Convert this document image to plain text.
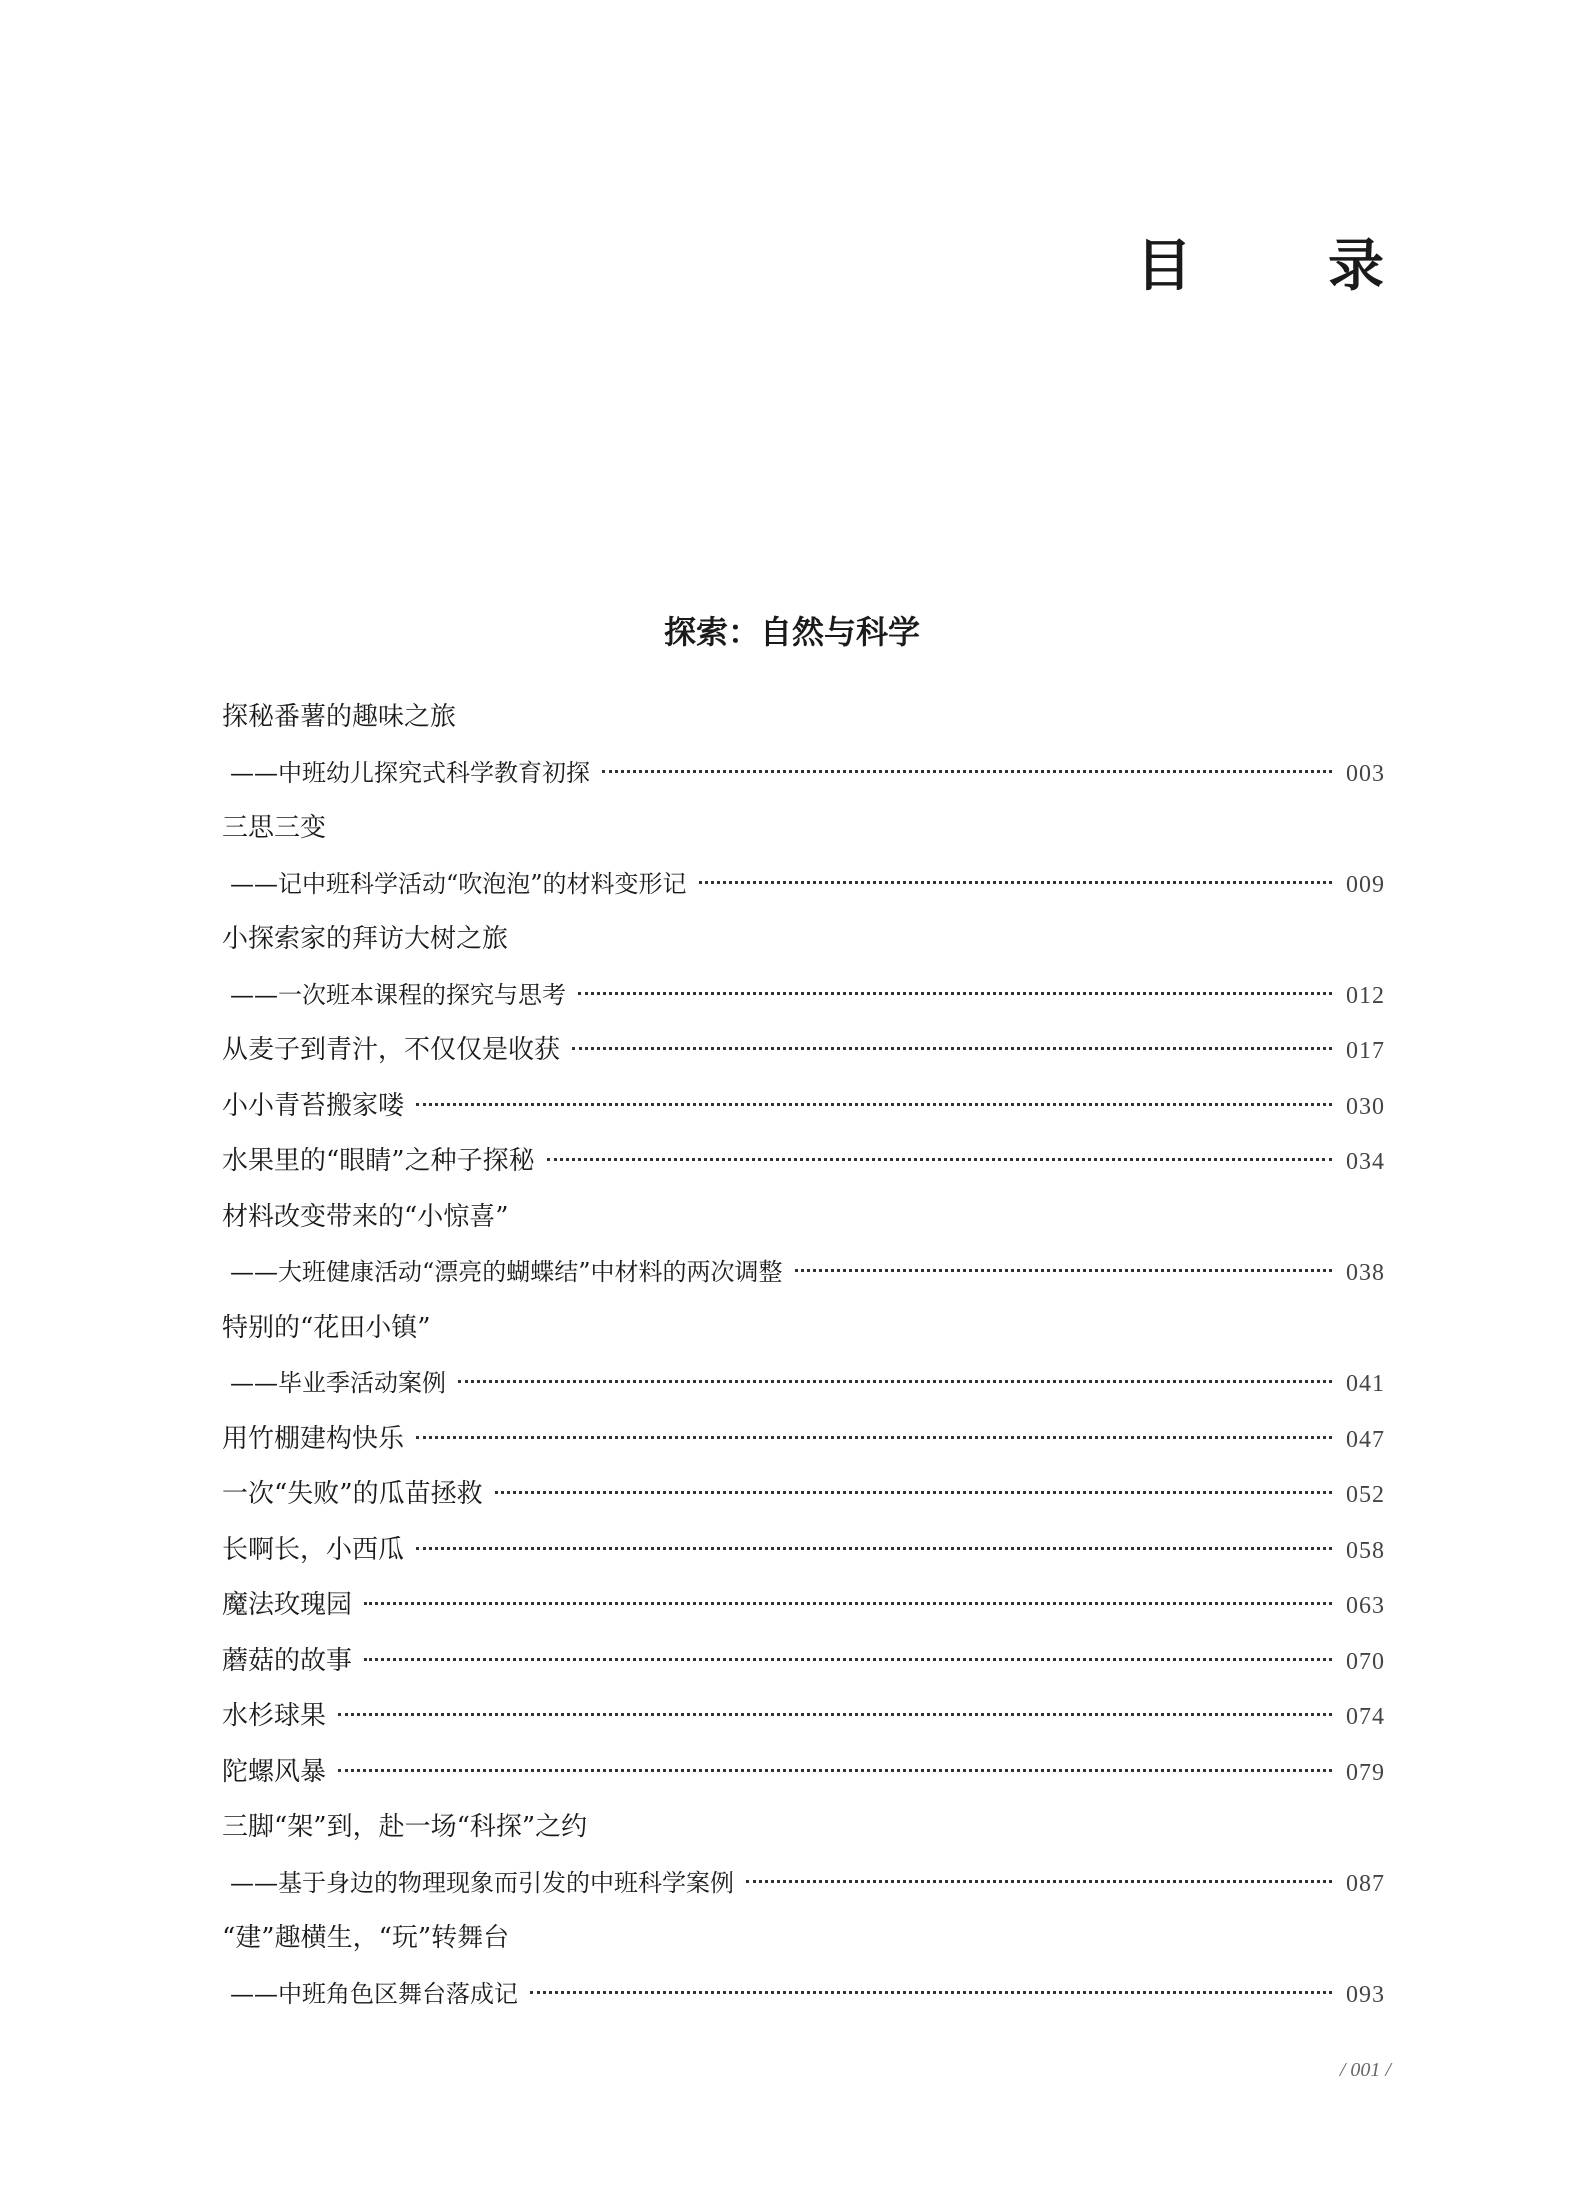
目　录
探索：自然与科学
探秘番薯的趣味之旅
——中班幼儿探究式科学教育初探	003
三思三变
——记中班科学活动“吹泡泡”的材料变形记	009
小探索家的拜访大树之旅
——一次班本课程的探究与思考	012
从麦子到青汁，不仅仅是收获	017
小小青苔搬家喽	030
水果里的“眼睛”之种子探秘	034
材料改变带来的“小惊喜”
——大班健康活动“漂亮的蝴蝶结”中材料的两次调整	038
特别的“花田小镇”
——毕业季活动案例	041
用竹棚建构快乐	047
一次“失败”的瓜苗拯救	052
长啊长，小西瓜	058
魔法玫瑰园	063
蘑菇的故事	070
水杉球果	074
陀螺风暴	079
三脚“架”到，赴一场“科探”之约
——基于身边的物理现象而引发的中班科学案例	087
“建”趣横生，“玩”转舞台
——中班角色区舞台落成记	093
/ 001 /
